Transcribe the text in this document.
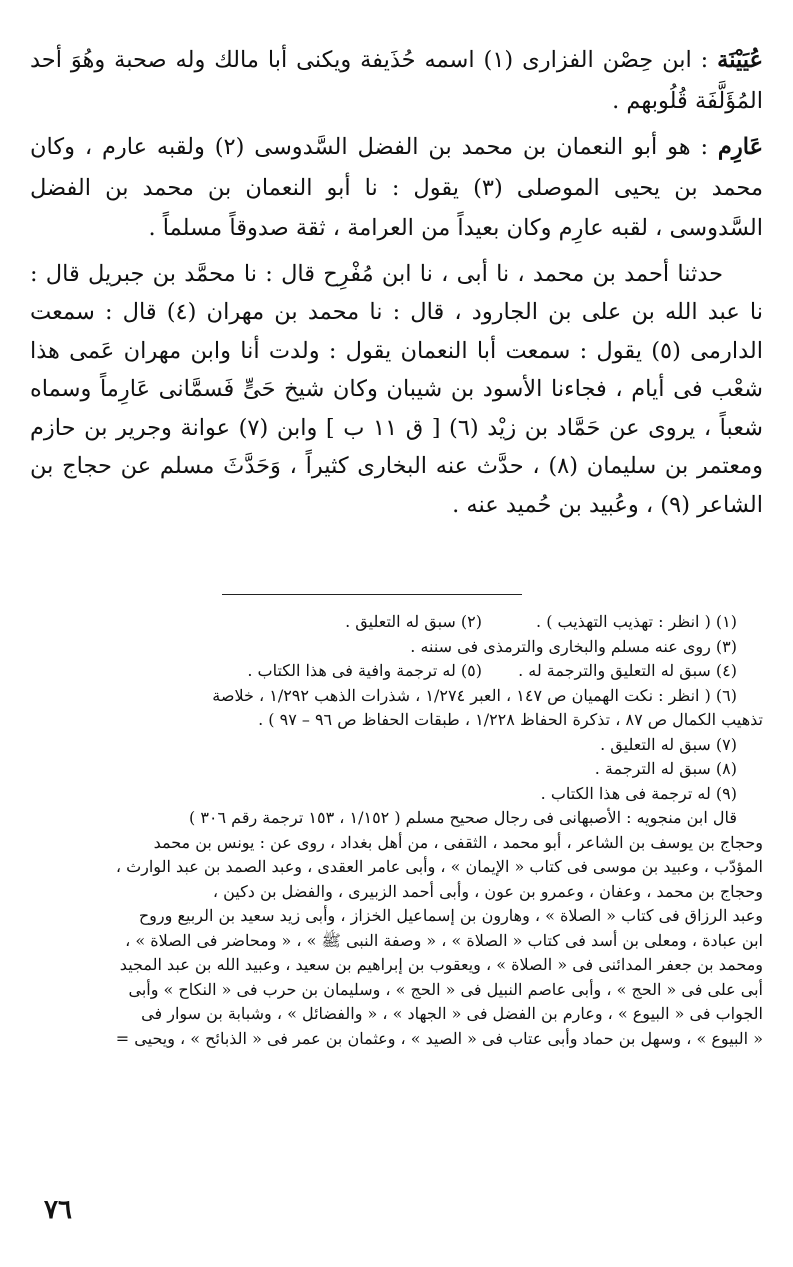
عُيَيْنَة : ابن حِصْن الفزارى (١) اسمه حُذَيفة ويكنى أبا مالك وله صحبة وهُوَ أحد المُؤَلَّفَة قُلُوبهم .

عَارِم : هو أبو النعمان بن محمد بن الفضل السَّدوسى (٢) ولقبه عارم ، وكان محمد بن يحيى الموصلى (٣) يقول : نا أبو النعمان بن محمد بن الفضل السَّدوسى ، لقبه عارِم وكان بعيداً من العرامة ، ثقة صدوقاً مسلماً .

حدثنا أحمد بن محمد ، نا أبى ، نا ابن مُفْرِح قال : نا محمَّد بن جبريل قال : نا عبد الله بن على بن الجارود ، قال : نا محمد بن مهران (٤) قال : سمعت الدارمى (٥) يقول : سمعت أبا النعمان يقول : ولدت أنا وابن مهران عَمى هذا شعْب فى أيام ، فجاءنا الأسود بن شيبان وكان شيخ حَىٍّ فَسمَّانى عَارِماً وسماه شعباً ، يروى عن حَمَّاد بن زيْد (٦) [ ق ١١ ب ] وابن (٧) عوانة وجرير بن حازم ومعتمر بن سليمان (٨) ، حدَّث عنه البخارى كثيراً ، وَحَدَّثَ مسلم عن حجاج بن الشاعر (٩) ، وعُبيد بن حُميد عنه .

(١) ( انظر : تهذيب التهذيب ) .
(٢) سبق له التعليق .
(٣) روى عنه مسلم والبخارى والترمذى فى سننه .
(٤) سبق له التعليق والترجمة له .
(٥) له ترجمة وافية فى هذا الكتاب .
(٦) ( انظر : نكت الهميان ص ١٤٧ ، العبر ١/٢٧٤ ، شذرات الذهب ١/٢٩٢ ، خلاصة
تذهيب الكمال ص ٨٧ ، تذكرة الحفاظ ١/٢٢٨ ، طبقات الحفاظ ص ٩٦ – ٩٧ ) .
(٧) سبق له التعليق .
(٨) سبق له الترجمة .
(٩) له ترجمة فى هذا الكتاب .
قال ابن منجويه : الأصبهانى فى رجال صحيح مسلم ( ١/١٥٢ ، ١٥٣ ترجمة رقم ٣٠٦ )
وحجاج بن يوسف بن الشاعر ، أبو محمد ، الثقفى ، من أهل بغداد ، روى عن : يونس بن محمد
المؤدّب ، وعبيد بن موسى فى كتاب « الإيمان » ، وأبى عامر العقدى ، وعبد الصمد بن عبد الوارث ،
وحجاج بن محمد ، وعفان ، وعمرو بن عون ، وأبى أحمد الزبيرى ، والفضل بن دكين ،
وعبد الرزاق فى كتاب « الصلاة » ، وهارون بن إسماعيل الخزاز ، وأبى زيد سعيد بن الربيع وروح
ابن عبادة ، ومعلى بن أسد فى كتاب « الصلاة » ، « وصفة النبى ﷺ » ، « ومحاضر فى الصلاة » ،
ومحمد بن جعفر المدائنى فى « الصلاة » ، ويعقوب بن إبراهيم بن سعيد ، وعبيد الله بن عبد المجيد
أبى على فى « الحج » ، وأبى عاصم النبيل فى « الحج » ، وسليمان بن حرب فى « النكاح » وأبى
الجواب فى « البيوع » ، وعارم بن الفضل فى « الجهاد » ، « والفضائل » ، وشبابة بن سوار فى
« البيوع » ، وسهل بن حماد وأبى عتاب فى « الصيد » ، وعثمان بن عمر فى « الذبائح » ، ويحيى =
٧٦
